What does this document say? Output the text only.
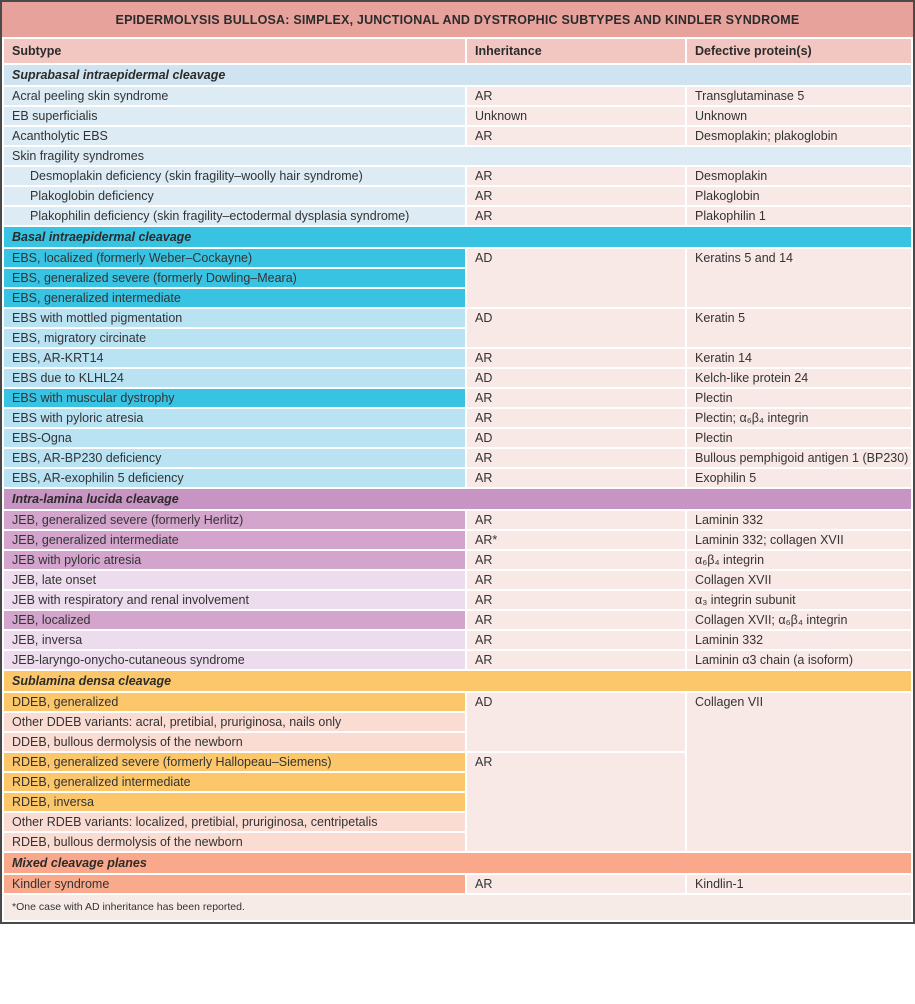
EPIDERMOLYSIS BULLOSA: SIMPLEX, JUNCTIONAL AND DYSTROPHIC SUBTYPES AND KINDLER SYNDROME
Subtype	Inheritance	Defective protein(s)
Suprabasal intraepidermal cleavage		
Acral peeling skin syndrome	AR	Transglutaminase 5
EB superficialis	Unknown	Unknown
Acantholytic EBS	AR	Desmoplakin; plakoglobin
Skin fragility syndromes		
Desmoplakin deficiency (skin fragility–woolly hair syndrome)	AR	Desmoplakin
Plakoglobin deficiency	AR	Plakoglobin
Plakophilin deficiency (skin fragility–ectodermal dysplasia syndrome)	AR	Plakophilin 1
Basal intraepidermal cleavage		
EBS, localized (formerly Weber–Cockayne)	AD	Keratins 5 and 14
EBS, generalized severe (formerly Dowling–Meara)		
EBS, generalized intermediate		
EBS with mottled pigmentation	AD	Keratin 5
EBS, migratory circinate		
EBS, AR-KRT14	AR	Keratin 14
EBS due to KLHL24	AD	Kelch-like protein 24
EBS with muscular dystrophy	AR	Plectin
EBS with pyloric atresia	AR	Plectin; α₆β₄ integrin
EBS-Ogna	AD	Plectin
EBS, AR-BP230 deficiency	AR	Bullous pemphigoid antigen 1 (BP230)
EBS, AR-exophilin 5 deficiency	AR	Exophilin 5
Intra-lamina lucida cleavage		
JEB, generalized severe (formerly Herlitz)	AR	Laminin 332
JEB, generalized intermediate	AR*	Laminin 332; collagen XVII
JEB with pyloric atresia	AR	α₆β₄ integrin
JEB, late onset	AR	Collagen XVII
JEB with respiratory and renal involvement	AR	α₃ integrin subunit
JEB, localized	AR	Collagen XVII; α₆β₄ integrin
JEB, inversa	AR	Laminin 332
JEB-laryngo-onycho-cutaneous syndrome	AR	Laminin α3 chain (a isoform)
Sublamina densa cleavage		
DDEB, generalized	AD	Collagen VII
Other DDEB variants: acral, pretibial, pruriginosa, nails only		
DDEB, bullous dermolysis of the newborn		
RDEB, generalized severe (formerly Hallopeau–Siemens)	AR	
RDEB, generalized intermediate		
RDEB, inversa		
Other RDEB variants: localized, pretibial, pruriginosa, centripetalis		
RDEB, bullous dermolysis of the newborn		
Mixed cleavage planes		
Kindler syndrome	AR	Kindlin-1
*One case with AD inheritance has been reported.		
